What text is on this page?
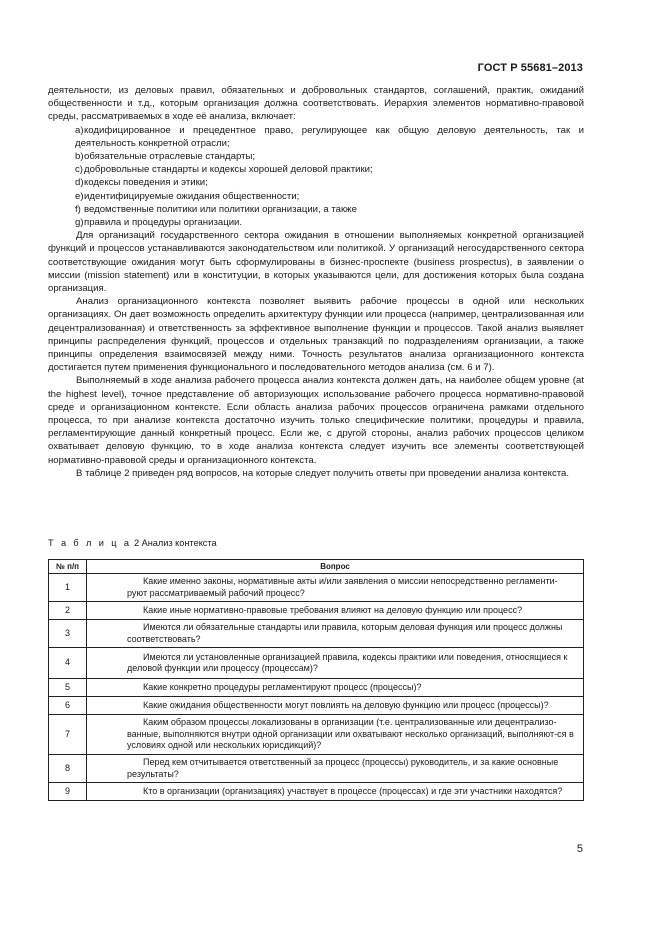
ГОСТ Р 55681–2013

деятельности, из деловых правил, обязательных и добровольных стандартов, соглашений, практик, ожиданий общественности и т.д., которым организация должна соответствовать. Иерархия элементов нормативно-правовой среды, рассматриваемых в ходе её анализа, включает:

a)кодифицированное и прецедентное право, регулирующее как общую деловую деятельность, так и деятельность конкретной отрасли;

b)обязательные отраслевые стандарты;

c)добровольные стандарты и кодексы хорошей деловой практики;

d)кодексы поведения и этики;

e)идентифицируемые ожидания общественности;

f) ведомственные политики или политики организации, а также

g)правила и процедуры организации.

Для организаций государственного сектора ожидания в отношении выполняемых конкретной организацией функций и процессов устанавливаются законодательством или политикой. У организаций негосударственного сектора соответствующие ожидания могут быть сформулированы в бизнес-проспекте (business prospectus), в заявлении о миссии (mission statement) или в конституции, в которых указываются цели, для достижения которых была создана организация.

Анализ организационного контекста позволяет выявить рабочие процессы в одной или нескольких организациях. Он дает возможность определить архитектуру функции или процесса (например, централизованная или децентрализованная) и ответственность за эффективное выполнение функции и процессов. Такой анализ выявляет принципы распределения функций, процессов и отдельных транзакций по подразделениям организации, а также принципы определения взаимосвязей между ними. Точность результатов анализа организационного контекста достигается путем применения функционального и последовательного методов анализа (см. 6 и 7).

Выполняемый в ходе анализа рабочего процесса анализ контекста должен дать, на наиболее общем уровне (at the highest level), точное представление об авторизующих использование рабочего процесса нормативно-правовой среде и организационном контексте. Если область анализа рабочих процессов ограничена рамками отдельного процесса, то при анализе контекста достаточно изучить только специфические политики, процедуры и правила, регламентирующие данный конкретный процесс. Если же, с другой стороны, анализ рабочих процессов целиком охватывает деловую функцию, то в ходе анализа контекста следует изучить все элементы соответствующей нормативно-правовой среды и организационного контекста.

В таблице 2 приведен ряд вопросов, на которые следует получить ответы при проведении анализа контекста.

Т а б л и ц а 2 Анализ контекста
№ п/п	Вопрос
1	Какие именно законы, нормативные акты и/или заявления о миссии непосредственно регламенти-руют рассматриваемый рабочий процесс?

2	Какие иные нормативно-правовые требования влияют на деловую функцию или процесс?

3	Имеются ли обязательные стандарты или правила, которым деловая функция или процесс должны соответствовать?

4	Имеются ли установленные организацией правила, кодексы практики или поведения, относящиеся к деловой функции или процессу (процессам)?

5	Какие конкретно процедуры регламентируют процесс (процессы)?

6	Какие ожидания общественности могут повлиять на деловую функцию или процесс (процессы)?

7	Каким образом процессы локализованы в организации (т.е. централизованные или децентрализо-ванные, выполняются внутри одной организации или охватывают несколько организаций, выполняют-ся в условиях одной или нескольких юрисдикций)?

8	Перед кем отчитывается ответственный за процесс (процессы) руководитель, и за какие основные результаты?

9	Кто в организации (организациях) участвует в процессе (процессах) и где эти участники находятся?
5
